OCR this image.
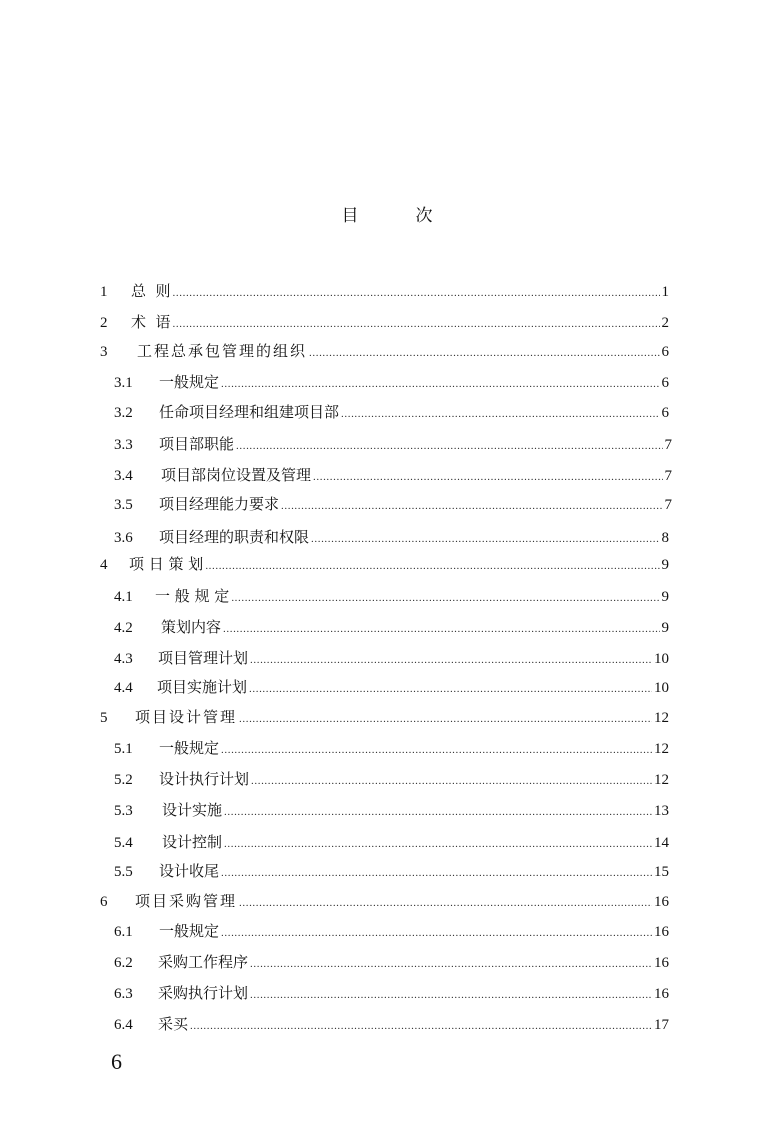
目	次
1	总  则 .....	1
2	术  语 .....	2
3	工程总承包管理的组织 .....	6
3.1	一般规定 .....	6
3.2	任命项目经理和组建项目部 .....	6
3.3	项目部职能 .....	7
3.4	项目部岗位设置及管理 .....	7
3.5	项目经理能力要求 .....	7
3.6	项目经理的职责和权限 .....	8
4	项 日 策 划 .....	9
4.1	一 般 规 定 .....	9
4.2	策划内容 .....	9
4.3	项目管理计划 .....	10
4.4	项目实施计划 .....	10
5	项目设计管理 .....	12
5.1	一般规定 .....	12
5.2	设计执行计划 .....	12
5.3	设计实施 .....	13
5.4	设计控制 .....	14
5.5	设计收尾 .....	15
6	项目采购管理 .....	16
6.1	一般规定 .....	16
6.2	采购工作程序 .....	16
6.3	采购执行计划 .....	16
6.4	采买 .....	17
6
